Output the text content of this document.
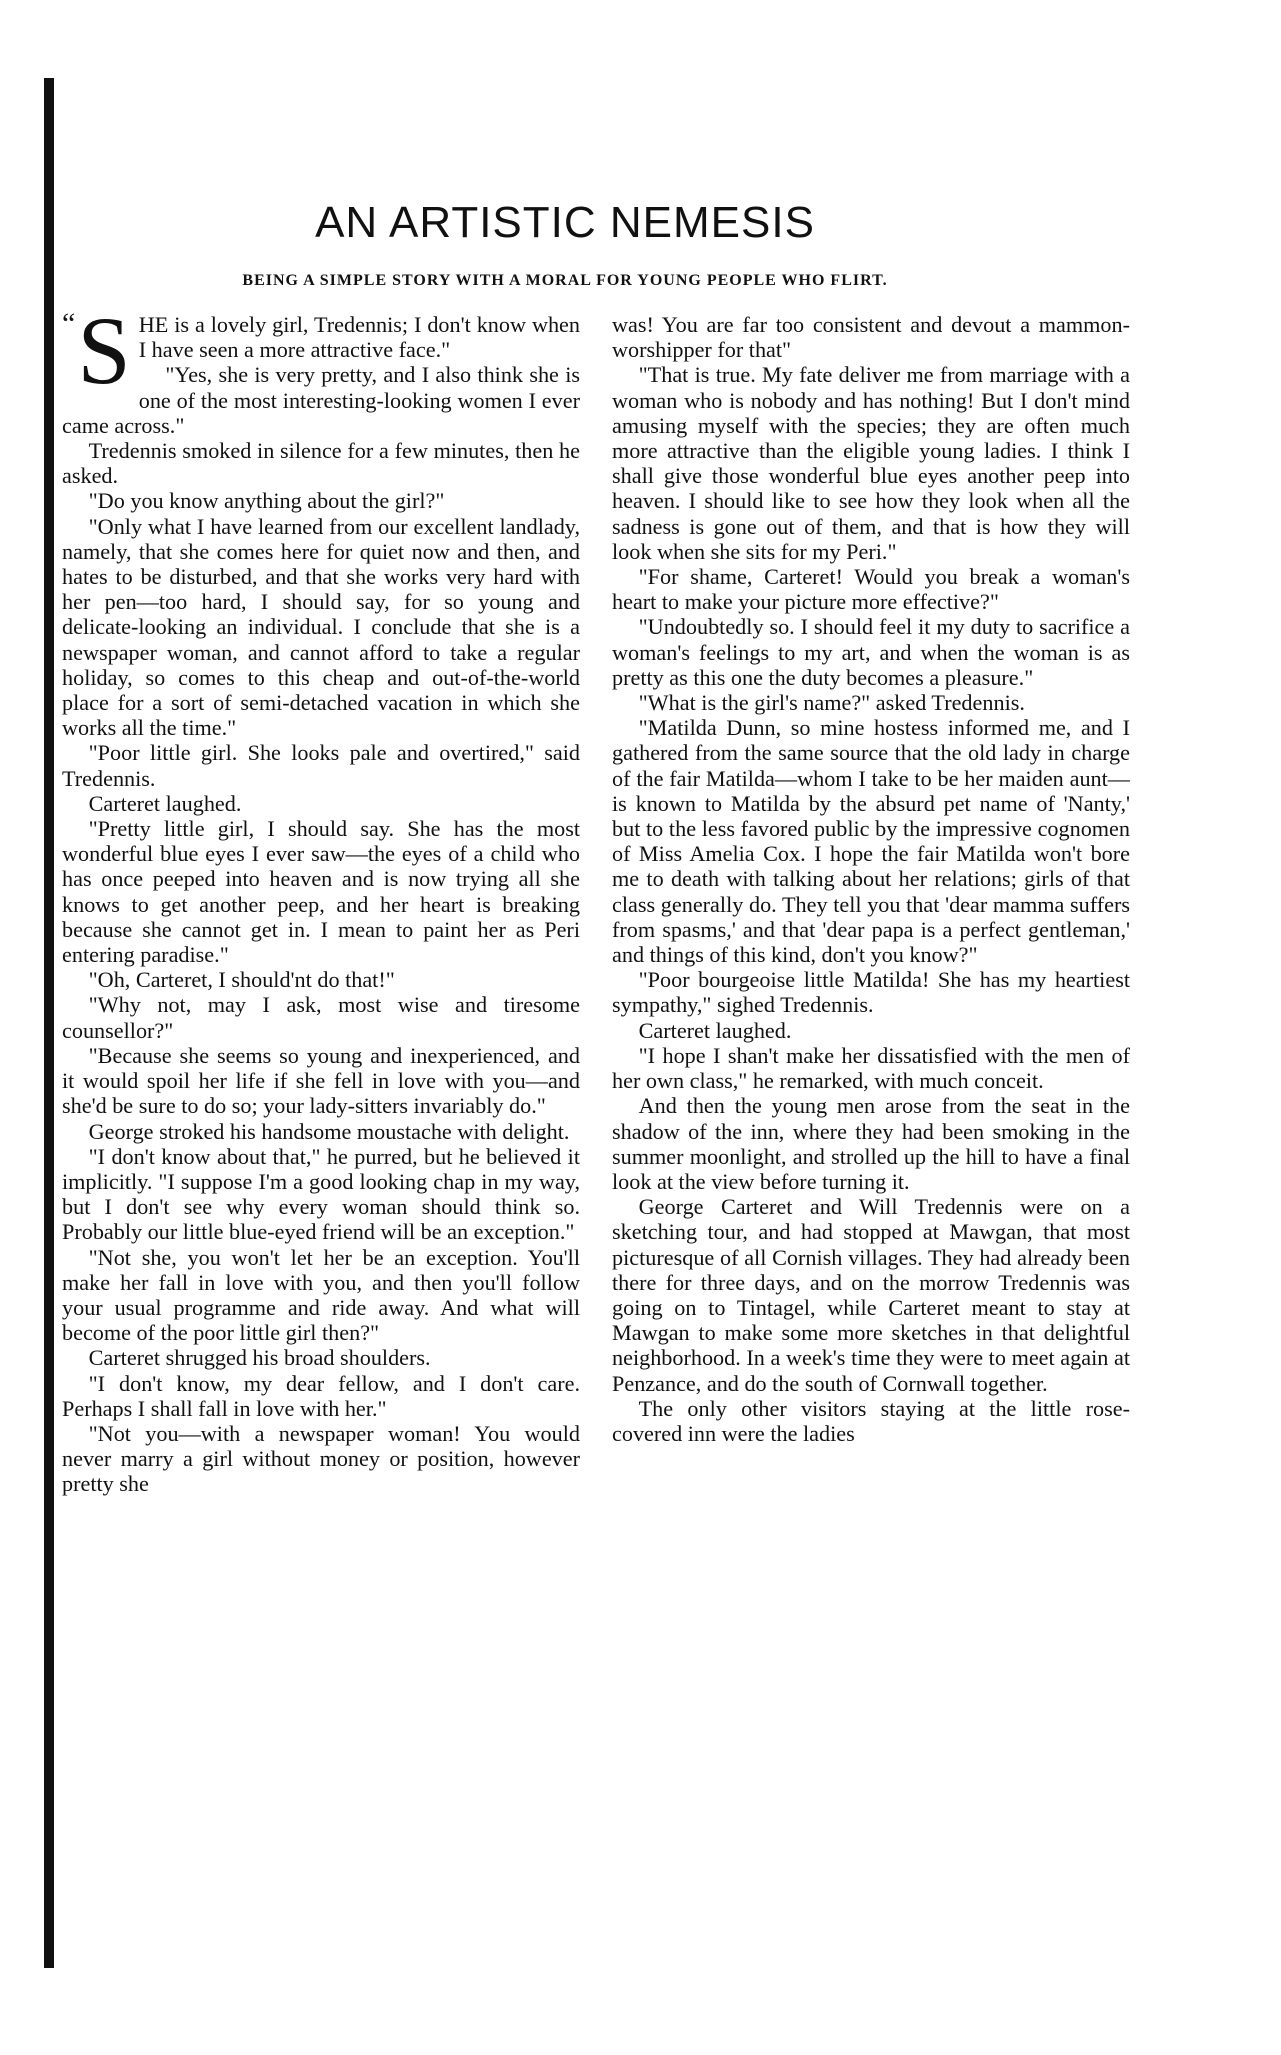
AN ARTISTIC NEMESIS
BEING A SIMPLE STORY WITH A MORAL FOR YOUNG PEOPLE WHO FLIRT.

“ S HE is a lovely girl, Tredennis; I don't know when I have seen a more attractive face."

"Yes, she is very pretty, and I also think she is one of the most interesting-looking women I ever came across."

Tredennis smoked in silence for a few minutes, then he asked.

"Do you know anything about the girl?"

"Only what I have learned from our excellent landlady, namely, that she comes here for quiet now and then, and hates to be disturbed, and that she works very hard with her pen—too hard, I should say, for so young and delicate-looking an individual. I conclude that she is a newspaper woman, and cannot afford to take a regular holiday, so comes to this cheap and out-of-the-world place for a sort of semi-detached vacation in which she works all the time."

"Poor little girl. She looks pale and overtired," said Tredennis.

Carteret laughed.

"Pretty little girl, I should say. She has the most wonderful blue eyes I ever saw—the eyes of a child who has once peeped into heaven and is now trying all she knows to get another peep, and her heart is breaking because she cannot get in. I mean to paint her as Peri entering paradise."

"Oh, Carteret, I should'nt do that!"

"Why not, may I ask, most wise and tiresome counsellor?"

"Because she seems so young and inexperienced, and it would spoil her life if she fell in love with you—and she'd be sure to do so; your lady-sitters invariably do."

George stroked his handsome moustache with delight.

"I don't know about that," he purred, but he believed it implicitly. "I suppose I'm a good looking chap in my way, but I don't see why every woman should think so. Probably our little blue-eyed friend will be an exception."

"Not she, you won't let her be an exception. You'll make her fall in love with you, and then you'll follow your usual programme and ride away. And what will become of the poor little girl then?"

Carteret shrugged his broad shoulders.

"I don't know, my dear fellow, and I don't care. Perhaps I shall fall in love with her."

"Not you—with a newspaper woman! You would never marry a girl without money or position, however pretty she

was! You are far too consistent and devout a mammon-worshipper for that"

"That is true. My fate deliver me from marriage with a woman who is nobody and has nothing! But I don't mind amusing myself with the species; they are often much more attractive than the eligible young ladies. I think I shall give those wonderful blue eyes another peep into heaven. I should like to see how they look when all the sadness is gone out of them, and that is how they will look when she sits for my Peri."

"For shame, Carteret! Would you break a woman's heart to make your picture more effective?"

"Undoubtedly so. I should feel it my duty to sacrifice a woman's feelings to my art, and when the woman is as pretty as this one the duty becomes a pleasure."

"What is the girl's name?" asked Tredennis.

"Matilda Dunn, so mine hostess informed me, and I gathered from the same source that the old lady in charge of the fair Matilda—whom I take to be her maiden aunt—is known to Matilda by the absurd pet name of 'Nanty,' but to the less favored public by the impressive cognomen of Miss Amelia Cox. I hope the fair Matilda won't bore me to death with talking about her relations; girls of that class generally do. They tell you that 'dear mamma suffers from spasms,' and that 'dear papa is a perfect gentleman,' and things of this kind, don't you know?"

"Poor bourgeoise little Matilda! She has my heartiest sympathy," sighed Tredennis.

Carteret laughed.

"I hope I shan't make her dissatisfied with the men of her own class," he remarked, with much conceit.

And then the young men arose from the seat in the shadow of the inn, where they had been smoking in the summer moonlight, and strolled up the hill to have a final look at the view before turning it.

George Carteret and Will Tredennis were on a sketching tour, and had stopped at Mawgan, that most picturesque of all Cornish villages. They had already been there for three days, and on the morrow Tredennis was going on to Tintagel, while Carteret meant to stay at Mawgan to make some more sketches in that delightful neighborhood. In a week's time they were to meet again at Penzance, and do the south of Cornwall together.

The only other visitors staying at the little rose-covered inn were the ladies
